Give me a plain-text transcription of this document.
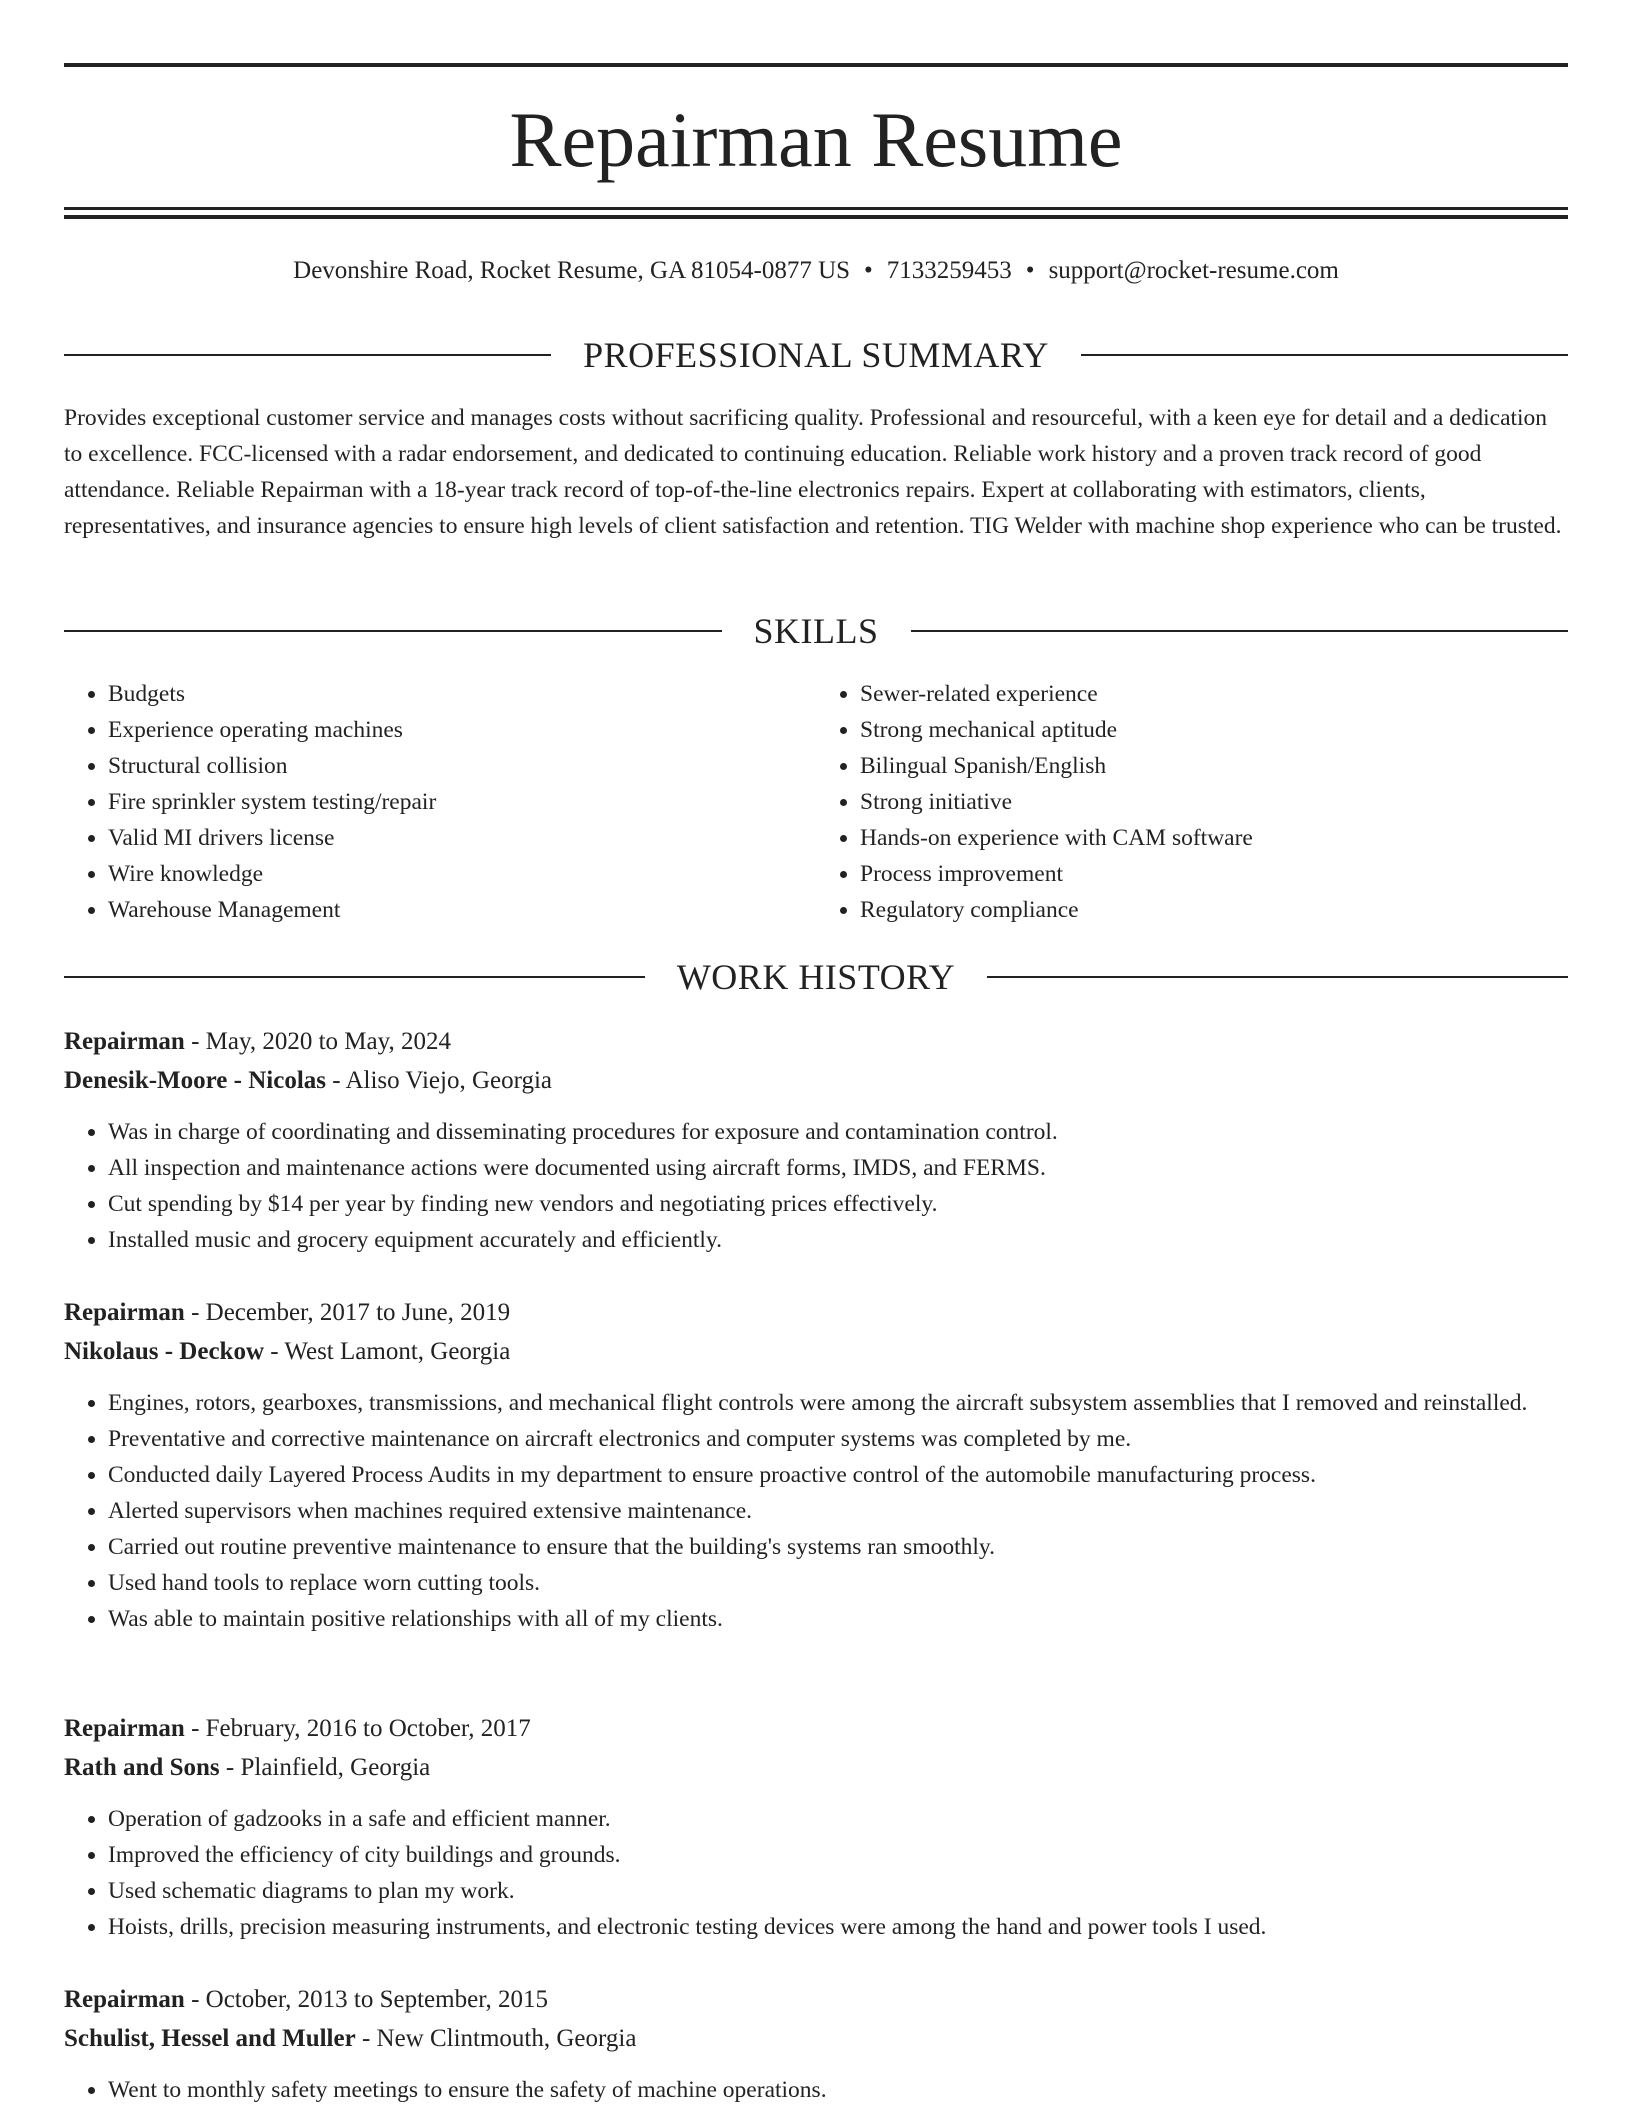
Repairman Resume
Devonshire Road, Rocket Resume, GA 81054-0877 US • 7133259453 • support@rocket-resume.com
PROFESSIONAL SUMMARY

Provides exceptional customer service and manages costs without sacrificing quality. Professional and resourceful, with a keen eye for detail and a dedication to excellence. FCC-licensed with a radar endorsement, and dedicated to continuing education. Reliable work history and a proven track record of good attendance. Reliable Repairman with a 18-year track record of top-of-the-line electronics repairs. Expert at collaborating with estimators, clients, representatives, and insurance agencies to ensure high levels of client satisfaction and retention. TIG Welder with machine shop experience who can be trusted.

SKILLS
• Budgets
• Experience operating machines
• Structural collision
• Fire sprinkler system testing/repair
• Valid MI drivers license
• Wire knowledge
• Warehouse Management
• Sewer-related experience
• Strong mechanical aptitude
• Bilingual Spanish/English
• Strong initiative
• Hands-on experience with CAM software
• Process improvement
• Regulatory compliance
WORK HISTORY

Repairman - May, 2020 to May, 2024

Denesik-Moore - Nicolas - Aliso Viejo, Georgia

• Was in charge of coordinating and disseminating procedures for exposure and contamination control.
• All inspection and maintenance actions were documented using aircraft forms, IMDS, and FERMS.
• Cut spending by $14 per year by finding new vendors and negotiating prices effectively.
• Installed music and grocery equipment accurately and efficiently.

Repairman - December, 2017 to June, 2019

Nikolaus - Deckow - West Lamont, Georgia

• Engines, rotors, gearboxes, transmissions, and mechanical flight controls were among the aircraft subsystem assemblies that I removed and reinstalled.
• Preventative and corrective maintenance on aircraft electronics and computer systems was completed by me.
• Conducted daily Layered Process Audits in my department to ensure proactive control of the automobile manufacturing process.
• Alerted supervisors when machines required extensive maintenance.
• Carried out routine preventive maintenance to ensure that the building's systems ran smoothly.
• Used hand tools to replace worn cutting tools.
• Was able to maintain positive relationships with all of my clients.

Repairman - February, 2016 to October, 2017

Rath and Sons - Plainfield, Georgia

• Operation of gadzooks in a safe and efficient manner.
• Improved the efficiency of city buildings and grounds.
• Used schematic diagrams to plan my work.
• Hoists, drills, precision measuring instruments, and electronic testing devices were among the hand and power tools I used.

Repairman - October, 2013 to September, 2015

Schulist, Hessel and Muller - New Clintmouth, Georgia

• Went to monthly safety meetings to ensure the safety of machine operations.
